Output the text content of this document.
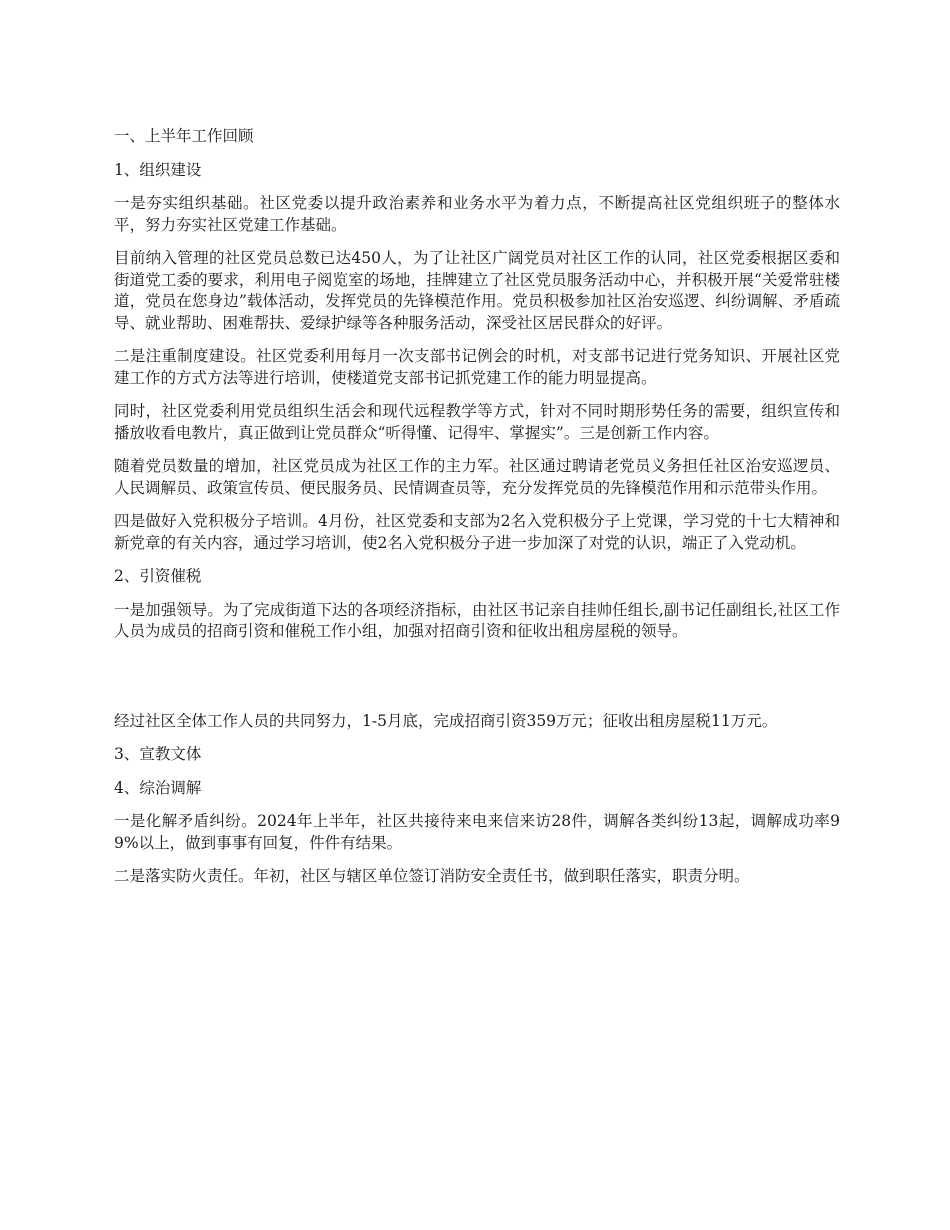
一、上半年工作回顾

1、组织建设

一是夯实组织基础。社区党委以提升政治素养和业务水平为着力点，不断提高社区党组织班子的整体水平，努力夯实社区党建工作基础。

目前纳入管理的社区党员总数已达450人，为了让社区广阔党员对社区工作的认同，社区党委根据区委和街道党工委的要求，利用电子阅览室的场地，挂牌建立了社区党员服务活动中心，并积极开展“关爱常驻楼道，党员在您身边”载体活动，发挥党员的先锋模范作用。党员积极参加社区治安巡逻、纠纷调解、矛盾疏导、就业帮助、困难帮扶、爱绿护绿等各种服务活动，深受社区居民群众的好评。

二是注重制度建设。社区党委利用每月一次支部书记例会的时机，对支部书记进行党务知识、开展社区党建工作的方式方法等进行培训，使楼道党支部书记抓党建工作的能力明显提高。

同时，社区党委利用党员组织生活会和现代远程教学等方式，针对不同时期形势任务的需要，组织宣传和播放收看电教片，真正做到让党员群众“听得懂、记得牢、掌握实”。三是创新工作内容。

随着党员数量的增加，社区党员成为社区工作的主力军。社区通过聘请老党员义务担任社区治安巡逻员、人民调解员、政策宣传员、便民服务员、民情调查员等，充分发挥党员的先锋模范作用和示范带头作用。

四是做好入党积极分子培训。4月份，社区党委和支部为2名入党积极分子上党课，学习党的十七大精神和新党章的有关内容，通过学习培训，使2名入党积极分子进一步加深了对党的认识，端正了入党动机。

2、引资催税

一是加强领导。为了完成街道下达的各项经济指标，由社区书记亲自挂帅任组长,副书记任副组长,社区工作人员为成员的招商引资和催税工作小组，加强对招商引资和征收出租房屋税的领导。

经过社区全体工作人员的共同努力，1-5月底，完成招商引资359万元；征收出租房屋税11万元。

3、宣教文体

4、综治调解

一是化解矛盾纠纷。2024年上半年，社区共接待来电来信来访28件，调解各类纠纷13起，调解成功率99%以上，做到事事有回复，件件有结果。

二是落实防火责任。年初，社区与辖区单位签订消防安全责任书，做到职任落实，职责分明。
